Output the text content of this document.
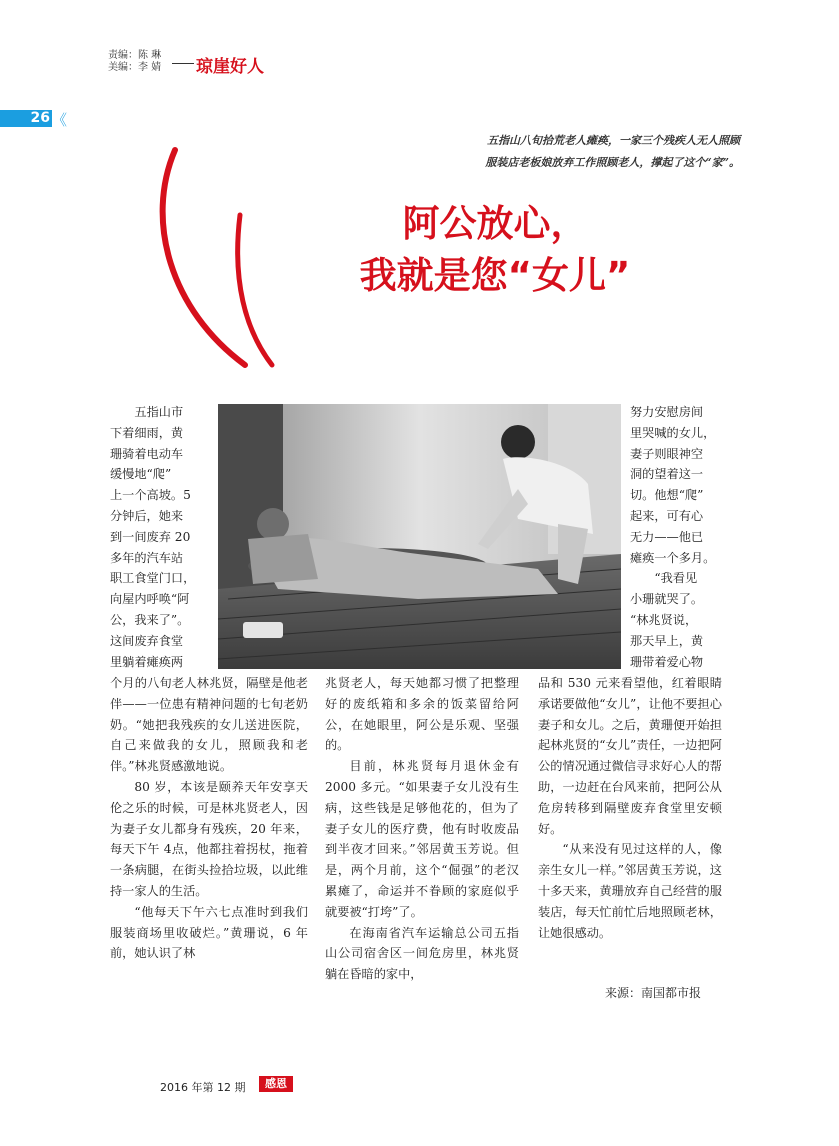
责编：陈 琳
美编：李 婧 琼崖好人
26 《
五指山八旬拾荒老人瘫痪，一家三个残疾人无人照顾
服装店老板娘放弃工作照顾老人，撑起了这个“家”。
阿公放心，
我就是您“女儿”
五指山市
下着细雨，黄
珊骑着电动车
缓慢地“爬”
上一个高坡。5
分钟后，她来
到一间废弃 20
多年的汽车站
职工食堂门口，
向屋内呼唤“阿
公，我来了”。
这间废弃食堂
里躺着瘫痪两

个月的八旬老人林兆贤，隔壁是他老伴——一位患有精神问题的七旬老奶奶。“她把我残疾的女儿送进医院，自己来做我的女儿，照顾我和老伴。”林兆贤感激地说。

80 岁，本该是颐养天年安享天伦之乐的时候，可是林兆贤老人，因为妻子女儿都身有残疾，20 年来，每天下午 4点，他都拄着拐杖，拖着一条病腿，在街头捡拾垃圾，以此维持一家人的生活。

“他每天下午六七点准时到我们服装商场里收破烂。”黄珊说，6 年前，她认识了林

兆贤老人，每天她都习惯了把整理好的废纸箱和多余的饭菜留给阿公，在她眼里，阿公是乐观、坚强的。

目前，林兆贤每月退休金有 2000 多元。“如果妻子女儿没有生病，这些钱是足够他花的，但为了妻子女儿的医疗费，他有时收废品到半夜才回来。”邻居黄玉芳说。但是，两个月前，这个“倔强”的老汉累瘫了，命运并不眷顾的家庭似乎就要被“打垮”了。

在海南省汽车运输总公司五指山公司宿舍区一间危房里，林兆贤躺在昏暗的家中，

努力安慰房间
里哭喊的女儿，
妻子则眼神空
洞的望着这一
切。他想“爬”
起来，可有心
无力——他已
瘫痪一个多月。
“我看见
小珊就哭了。
“林兆贤说，
那天早上，黄
珊带着爱心物

品和 530 元来看望他，红着眼睛承诺要做他“女儿”，让他不要担心妻子和女儿。之后，黄珊便开始担起林兆贤的“女儿”责任，一边把阿公的情况通过微信寻求好心人的帮助，一边赶在台风来前，把阿公从危房转移到隔壁废弃食堂里安顿好。

“从来没有见过这样的人，像亲生女儿一样。”邻居黄玉芳说，这十多天来，黄珊放弃自己经营的服装店，每天忙前忙后地照顾老林，让她很感动。

来源：南国都市报
2016 年第 12 期	感恩
